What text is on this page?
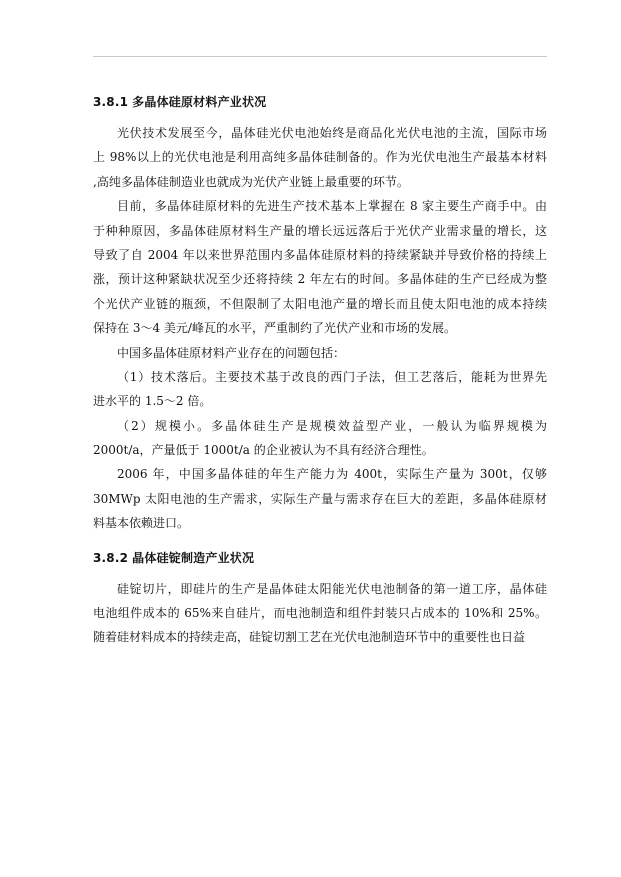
3.8.1 多晶体硅原材料产业状况
光伏技术发展至今，晶体硅光伏电池始终是商品化光伏电池的主流，国际市场
上 98%以上的光伏电池是利用高纯多晶体硅制备的。作为光伏电池生产最基本材料
,高纯多晶体硅制造业也就成为光伏产业链上最重要的环节。
目前，多晶体硅原材料的先进生产技术基本上掌握在 8 家主要生产商手中。由
于种种原因，多晶体硅原材料生产量的增长远远落后于光伏产业需求量的增长，这
导致了自 2004 年以来世界范围内多晶体硅原材料的持续紧缺并导致价格的持续上
涨，预计这种紧缺状况至少还将持续 2 年左右的时间。多晶体硅的生产已经成为整
个光伏产业链的瓶颈，不但限制了太阳电池产量的增长而且使太阳电池的成本持续
保持在 3～4 美元/峰瓦的水平，严重制约了光伏产业和市场的发展。
中国多晶体硅原材料产业存在的问题包括：
（1）技术落后。主要技术基于改良的西门子法，但工艺落后，能耗为世界先
进水平的 1.5～2 倍。
（2）规模小。多晶体硅生产是规模效益型产业，一般认为临界规模为
2000t/a，产量低于 1000t/a 的企业被认为不具有经济合理性。
2006 年，中国多晶体硅的年生产能力为 400t，实际生产量为 300t，仅够
30MWp 太阳电池的生产需求，实际生产量与需求存在巨大的差距，多晶体硅原材
料基本依赖进口。
3.8.2 晶体硅锭制造产业状况
硅锭切片，即硅片的生产是晶体硅太阳能光伏电池制备的第一道工序，晶体硅
电池组件成本的 65%来自硅片，而电池制造和组件封装只占成本的 10%和 25%。
随着硅材料成本的持续走高，硅锭切割工艺在光伏电池制造环节中的重要性也日益
